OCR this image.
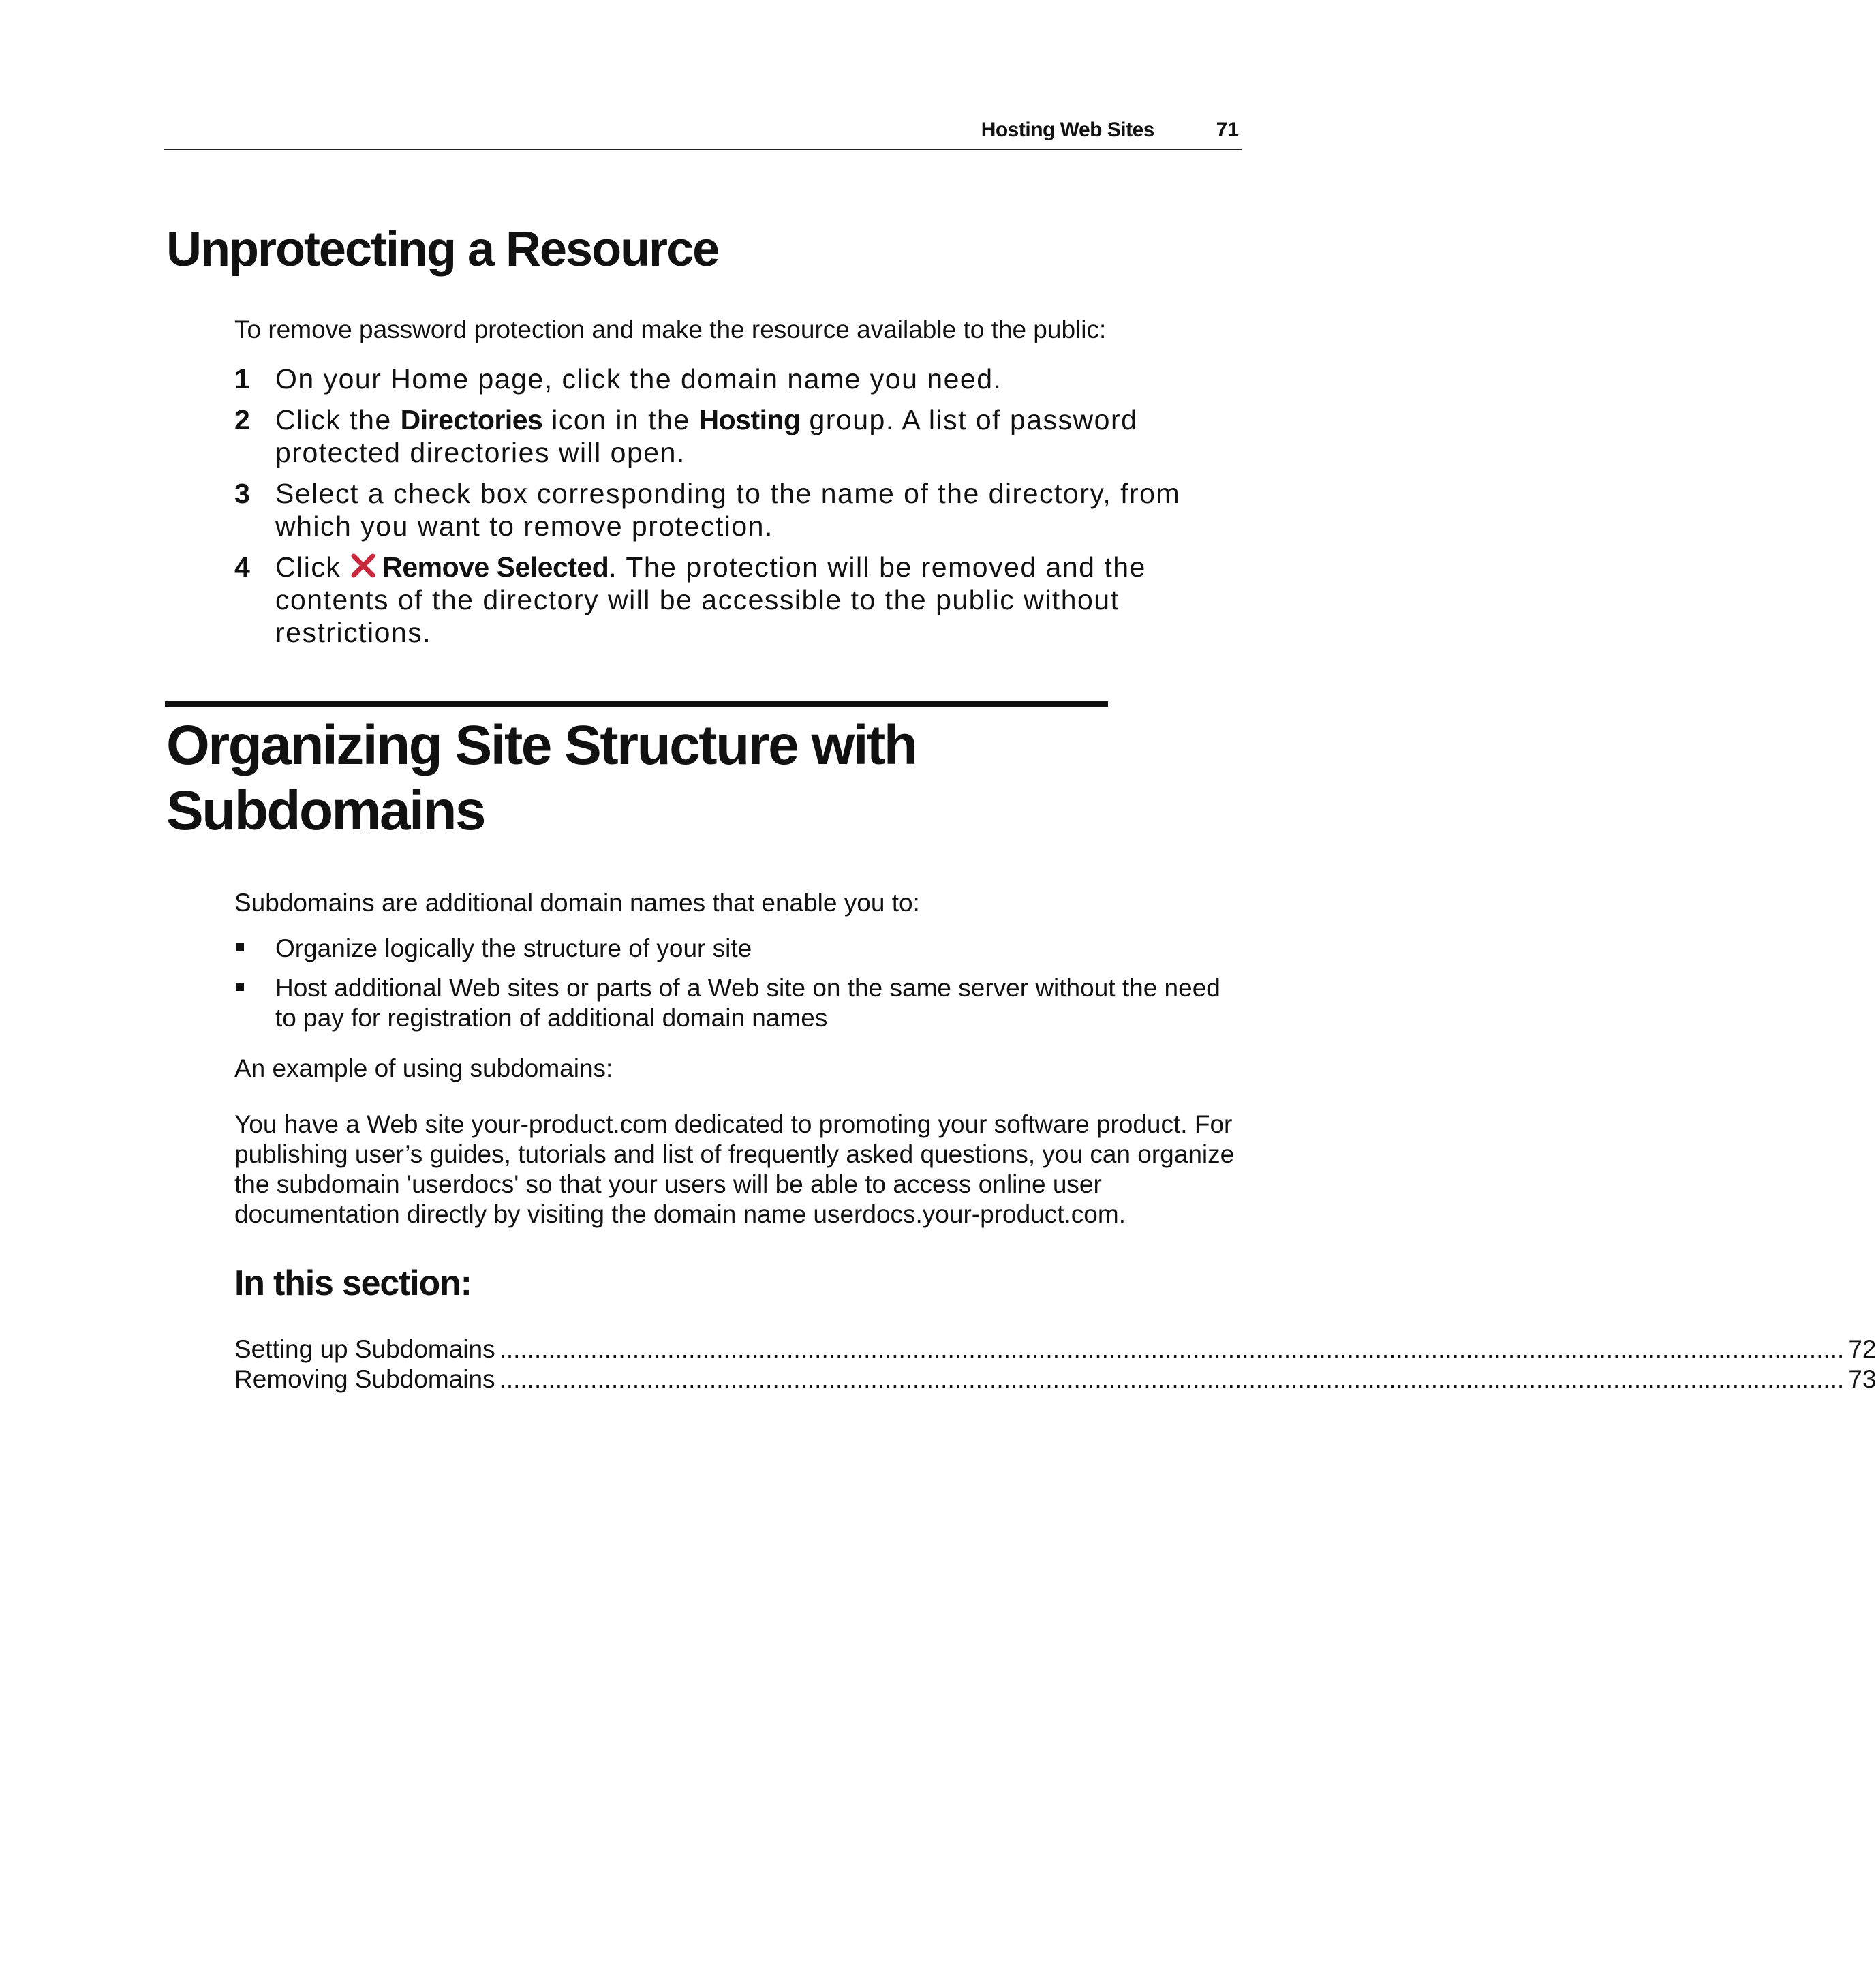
Hosting Web Sites	71
Unprotecting a Resource
To remove password protection and make the resource available to the public:
1 On your Home page, click the domain name you need.
2 Click the Directories icon in the Hosting group. A list of password protected directories will open.
3 Select a check box corresponding to the name of the directory, from which you want to remove protection.
4 Click Remove Selected. The protection will be removed and the contents of the directory will be accessible to the public without restrictions.
Organizing Site Structure with
Subdomains
Subdomains are additional domain names that enable you to:
Organize logically the structure of your site
Host additional Web sites or parts of a Web site on the same server without the need to pay for registration of additional domain names
An example of using subdomains:
You have a Web site your-product.com dedicated to promoting your software product. For publishing user’s guides, tutorials and list of frequently asked questions, you can organize the subdomain 'userdocs' so that your users will be able to access online user documentation directly by visiting the domain name userdocs.your-product.com.
In this section:
Setting up Subdomains ................................................................................................................................................................................................ 72
Removing Subdomains ................................................................................................................................................................................................ 73
